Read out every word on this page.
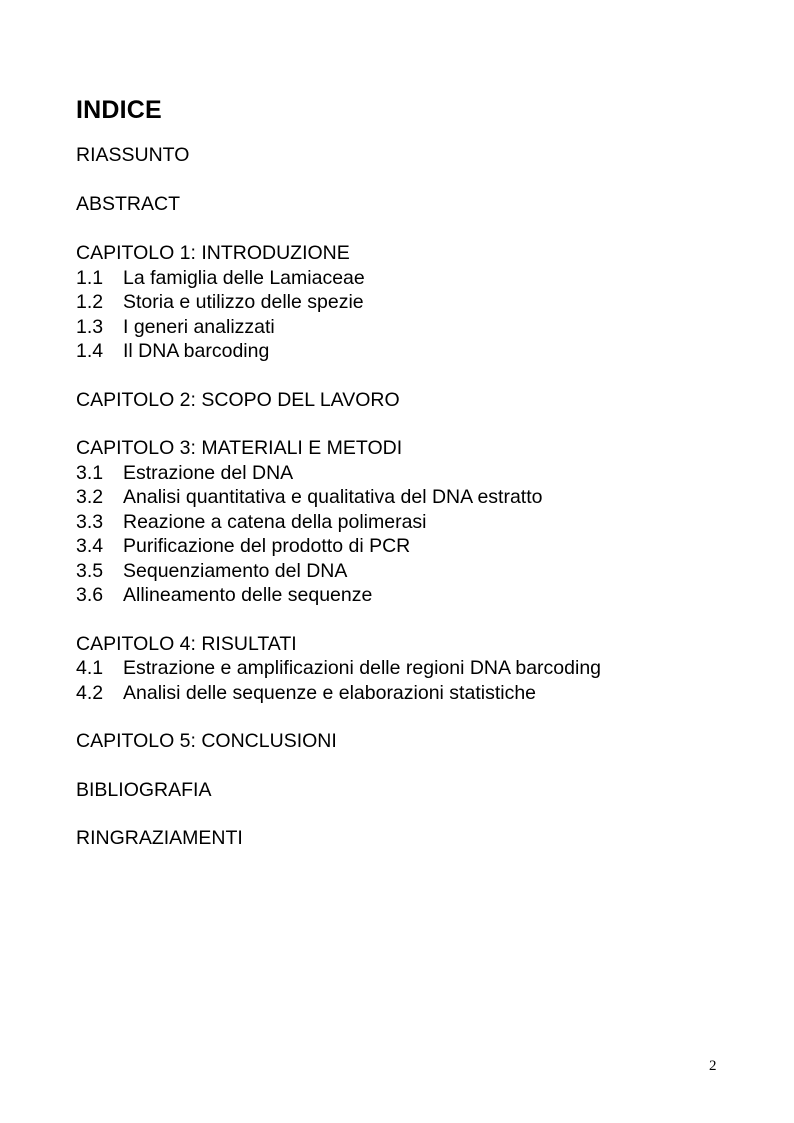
INDICE
RIASSUNTO
ABSTRACT
CAPITOLO 1: INTRODUZIONE
1.1 La famiglia delle Lamiaceae
1.2 Storia e utilizzo delle spezie
1.3 I generi analizzati
1.4 Il DNA barcoding
CAPITOLO 2: SCOPO DEL LAVORO
CAPITOLO 3: MATERIALI E METODI
3.1 Estrazione del DNA
3.2 Analisi quantitativa e qualitativa del DNA estratto
3.3 Reazione a catena della polimerasi
3.4 Purificazione del prodotto di PCR
3.5 Sequenziamento del DNA
3.6 Allineamento delle sequenze
CAPITOLO 4: RISULTATI
4.1 Estrazione e amplificazioni delle regioni DNA barcoding
4.2 Analisi delle sequenze e elaborazioni statistiche
CAPITOLO 5: CONCLUSIONI
BIBLIOGRAFIA
RINGRAZIAMENTI
2
